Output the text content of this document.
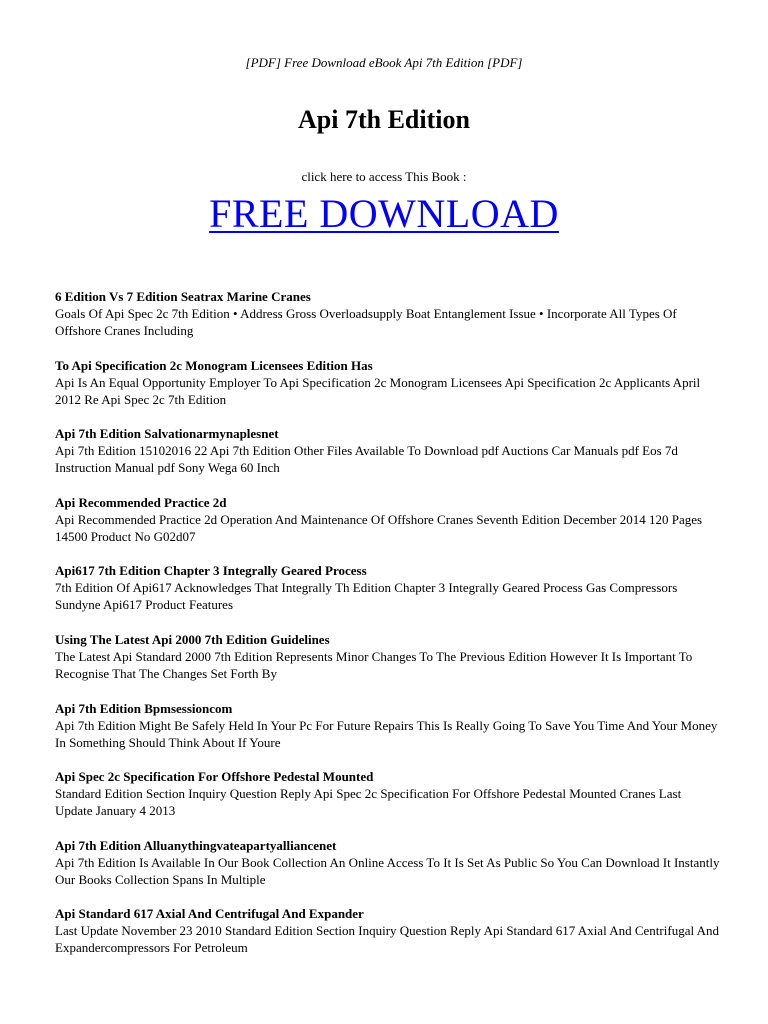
[PDF] Free Download eBook Api 7th Edition [PDF]
Api 7th Edition
click here to access This Book :
FREE DOWNLOAD
6 Edition Vs 7 Edition Seatrax Marine Cranes
Goals Of Api Spec 2c 7th Edition • Address Gross Overloadsupply Boat Entanglement Issue • Incorporate All Types Of Offshore Cranes Including
To Api Specification 2c Monogram Licensees Edition Has
Api Is An Equal Opportunity Employer To Api Specification 2c Monogram Licensees Api Specification 2c Applicants April 2012 Re Api Spec 2c 7th Edition
Api 7th Edition Salvationarmynaplesnet
Api 7th Edition 15102016 22 Api 7th Edition Other Files Available To Download pdf Auctions Car Manuals pdf Eos 7d Instruction Manual pdf Sony Wega 60 Inch
Api Recommended Practice 2d
Api Recommended Practice 2d Operation And Maintenance Of Offshore Cranes Seventh Edition December 2014 120 Pages 14500 Product No G02d07
Api617 7th Edition Chapter 3 Integrally Geared Process
7th Edition Of Api617 Acknowledges That Integrally Th Edition Chapter 3 Integrally Geared Process Gas Compressors Sundyne Api617 Product Features
Using The Latest Api 2000 7th Edition Guidelines
The Latest Api Standard 2000 7th Edition Represents Minor Changes To The Previous Edition However It Is Important To Recognise That The Changes Set Forth By
Api 7th Edition Bpmsessioncom
Api 7th Edition Might Be Safely Held In Your Pc For Future Repairs This Is Really Going To Save You Time And Your Money In Something Should Think About If Youre
Api Spec 2c Specification For Offshore Pedestal Mounted
Standard Edition Section Inquiry Question Reply Api Spec 2c Specification For Offshore Pedestal Mounted Cranes Last Update January 4 2013
Api 7th Edition Alluanythingvateapartyalliancenet
Api 7th Edition Is Available In Our Book Collection An Online Access To It Is Set As Public So You Can Download It Instantly Our Books Collection Spans In Multiple
Api Standard 617 Axial And Centrifugal And Expander
Last Update November 23 2010 Standard Edition Section Inquiry Question Reply Api Standard 617 Axial And Centrifugal And Expandercompressors For Petroleum
